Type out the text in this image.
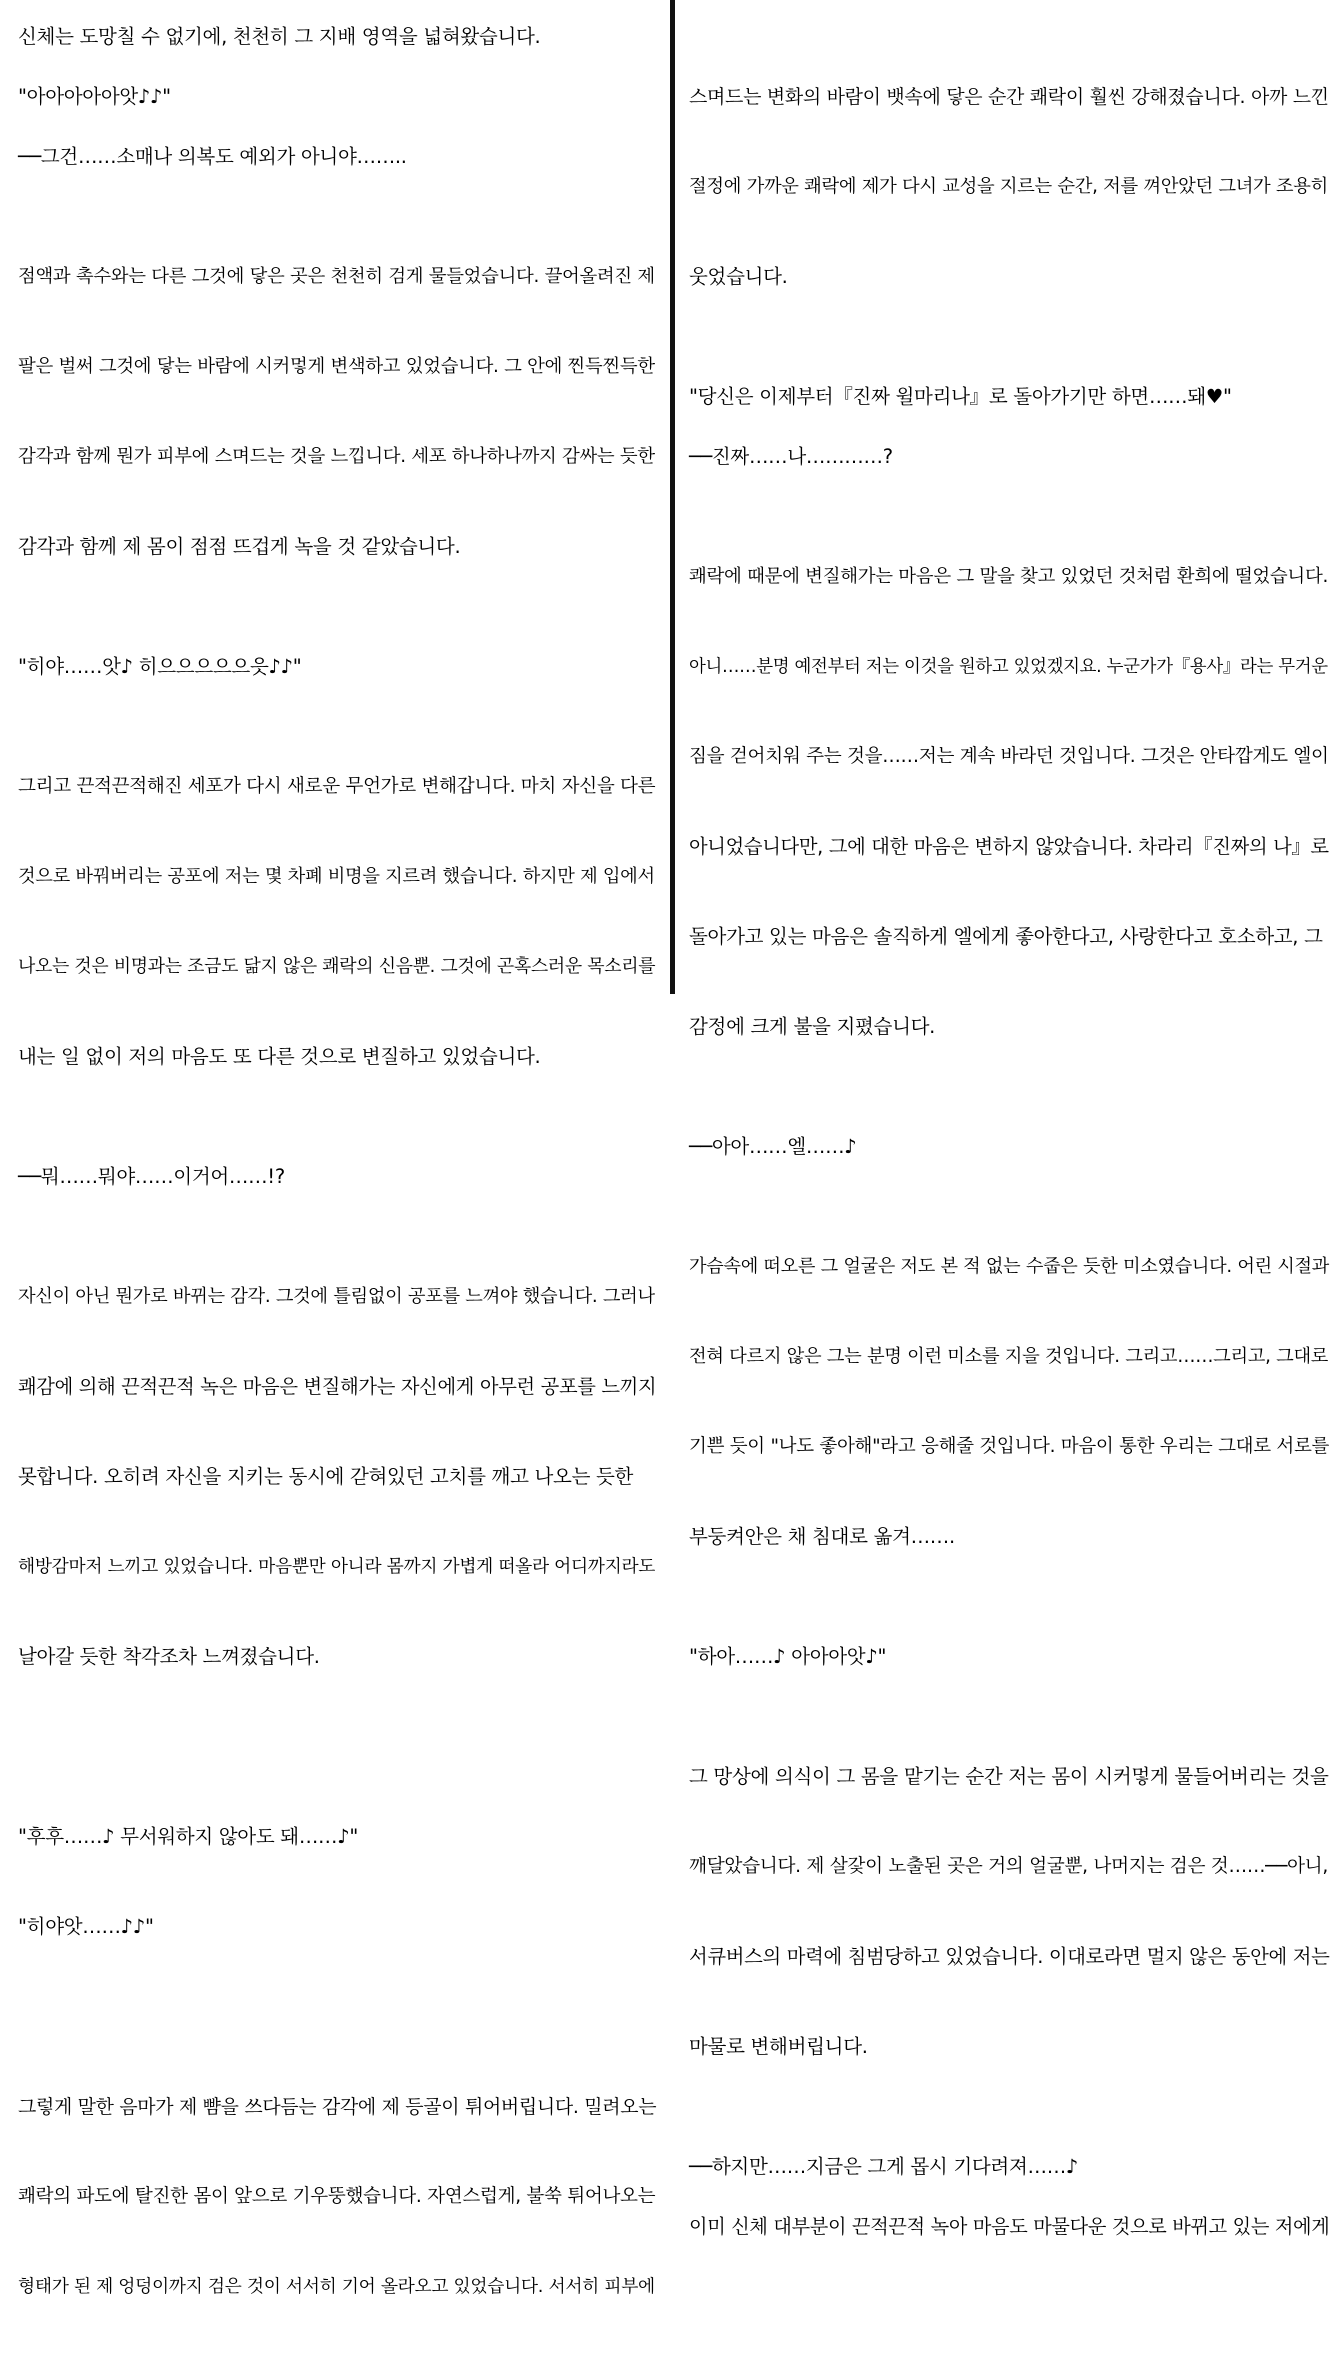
신체는 도망칠 수 없기에, 천천히 그 지배 영역을 넓혀왔습니다.

"아아아아아앗♪♪"

──그건……소매나 의복도 예외가 아니야……..

점액과 촉수와는 다른 그것에 닿은 곳은 천천히 검게 물들었습니다. 끌어올려진 제

팔은 벌써 그것에 닿는 바람에 시커멓게 변색하고 있었습니다. 그 안에 찐득찐득한

감각과 함께 뭔가 피부에 스며드는 것을 느낍니다. 세포 하나하나까지 감싸는 듯한

감각과 함께 제 몸이 점점 뜨겁게 녹을 것 같았습니다.

"히야……앗♪ 히으으으으으읏♪♪"

그리고 끈적끈적해진 세포가 다시 새로운 무언가로 변해갑니다. 마치 자신을 다른

것으로 바꿔버리는 공포에 저는 몇 차폐 비명을 지르려 했습니다. 하지만 제 입에서

나오는 것은 비명과는 조금도 닮지 않은 쾌락의 신음뿐. 그것에 곤혹스러운 목소리를

내는 일 없이 저의 마음도 또 다른 것으로 변질하고 있었습니다.

──뭐……뭐야……이거어……!?

자신이 아닌 뭔가로 바뀌는 감각. 그것에 틀림없이 공포를 느껴야 했습니다. 그러나

쾌감에 의해 끈적끈적 녹은 마음은 변질해가는 자신에게 아무런 공포를 느끼지

못합니다. 오히려 자신을 지키는 동시에 갇혀있던 고치를 깨고 나오는 듯한

해방감마저 느끼고 있었습니다. 마음뿐만 아니라 몸까지 가볍게 떠올라 어디까지라도

날아갈 듯한 착각조차 느껴졌습니다.

"후후……♪ 무서워하지 않아도 돼……♪"

"히야앗……♪♪"

그렇게 말한 음마가 제 뺨을 쓰다듬는 감각에 제 등골이 튀어버립니다. 밀려오는

쾌락의 파도에 탈진한 몸이 앞으로 기우뚱했습니다. 자연스럽게, 불쑥 튀어나오는

형태가 된 제 엉덩이까지 검은 것이 서서히 기어 올라오고 있었습니다. 서서히 피부에

스며드는 변화의 바람이 뱃속에 닿은 순간 쾌락이 훨씬 강해졌습니다. 아까 느낀

절정에 가까운 쾌락에 제가 다시 교성을 지르는 순간, 저를 껴안았던 그녀가 조용히

웃었습니다.

"당신은 이제부터『진짜 윌마리나』로 돌아가기만 하면……돼♥"

──진짜……나…………?

쾌락에 때문에 변질해가는 마음은 그 말을 찾고 있었던 것처럼 환희에 떨었습니다.

아니……분명 예전부터 저는 이것을 원하고 있었겠지요. 누군가가『용사』라는 무거운

짐을 걷어치워 주는 것을……저는 계속 바라던 것입니다. 그것은 안타깝게도 엘이

아니었습니다만, 그에 대한 마음은 변하지 않았습니다. 차라리『진짜의 나』로

돌아가고 있는 마음은 솔직하게 엘에게 좋아한다고, 사랑한다고 호소하고, 그

감정에 크게 불을 지폈습니다.

──아아……엘……♪

가슴속에 떠오른 그 얼굴은 저도 본 적 없는 수줍은 듯한 미소였습니다. 어린 시절과

전혀 다르지 않은 그는 분명 이런 미소를 지을 것입니다. 그리고……그리고, 그대로

기쁜 듯이 "나도 좋아해"라고 응해줄 것입니다. 마음이 통한 우리는 그대로 서로를

부둥켜안은 채 침대로 옮겨…….

"하아……♪ 아아아앗♪"

그 망상에 의식이 그 몸을 맡기는 순간 저는 몸이 시커멓게 물들어버리는 것을

깨달았습니다. 제 살갗이 노출된 곳은 거의 얼굴뿐, 나머지는 검은 것……──아니,

서큐버스의 마력에 침범당하고 있었습니다. 이대로라면 멀지 않은 동안에 저는

마물로 변해버립니다.

──하지만……지금은 그게 몹시 기다려져……♪

이미 신체 대부분이 끈적끈적 녹아 마음도 마물다운 것으로 바뀌고 있는 저에게
